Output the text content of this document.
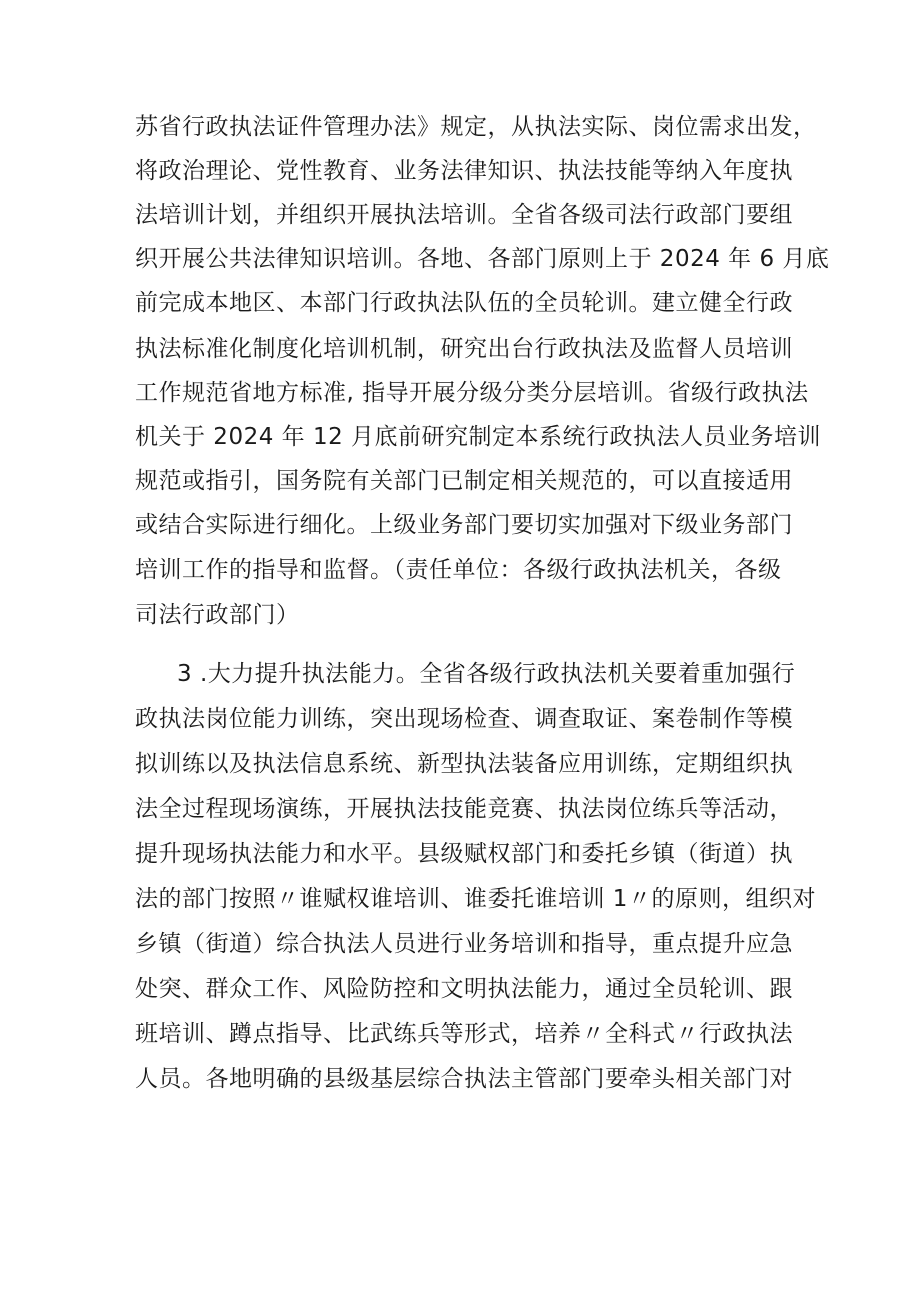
苏省行政执法证件管理办法》规定，从执法实际、岗位需求出发，
将政治理论、党性教育、业务法律知识、执法技能等纳入年度执
法培训计划，并组织开展执法培训。全省各级司法行政部门要组
织开展公共法律知识培训。各地、各部门原则上于 2024 年 6 月底
前完成本地区、本部门行政执法队伍的全员轮训。建立健全行政
执法标准化制度化培训机制，研究出台行政执法及监督人员培训
工作规范省地方标准, 指导开展分级分类分层培训。省级行政执法
机关于 2024 年 12 月底前研究制定本系统行政执法人员业务培训
规范或指引，国务院有关部门已制定相关规范的，可以直接适用
或结合实际进行细化。上级业务部门要切实加强对下级业务部门
培训工作的指导和监督。（责任单位：各级行政执法机关，各级
司法行政部门）
3 .大力提升执法能力。全省各级行政执法机关要着重加强行
政执法岗位能力训练，突出现场检查、调查取证、案卷制作等模
拟训练以及执法信息系统、新型执法装备应用训练，定期组织执
法全过程现场演练，开展执法技能竞赛、执法岗位练兵等活动，
提升现场执法能力和水平。县级赋权部门和委托乡镇（街道）执
法的部门按照〃谁赋权谁培训、谁委托谁培训 1〃的原则，组织对
乡镇（街道）综合执法人员进行业务培训和指导，重点提升应急
处突、群众工作、风险防控和文明执法能力，通过全员轮训、跟
班培训、蹲点指导、比武练兵等形式，培养〃全科式〃行政执法
人员。各地明确的县级基层综合执法主管部门要牵头相关部门对
